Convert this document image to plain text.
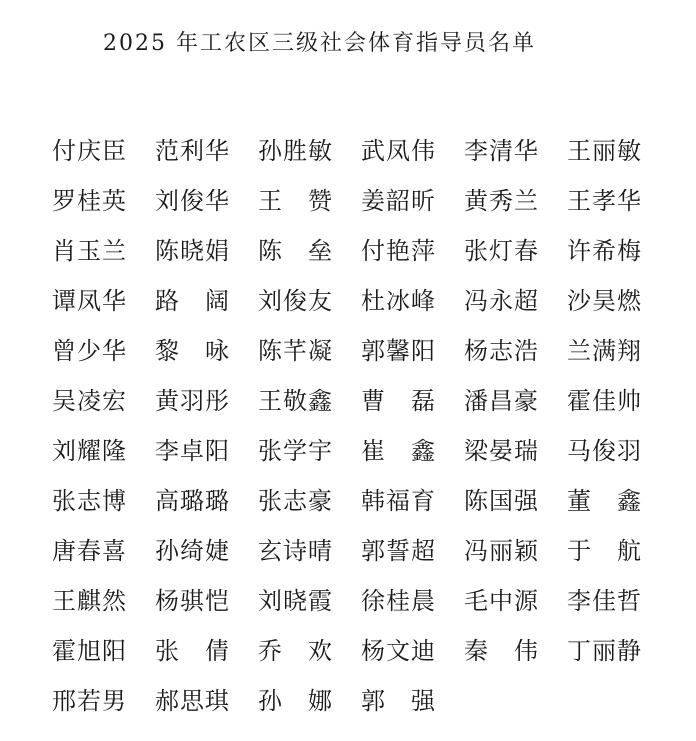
2025 年工农区三级社会体育指导员名单
付 庆 臣 范 利 华 孙 胜 敏 武 凤 伟 李 清 华 王 丽 敏
罗 桂 英 刘 俊 华 王 赞 姜 韶 昕 黄 秀 兰 王 孝 华
肖 玉 兰 陈 晓 娟 陈 垒 付 艳 萍 张 灯 春 许 希 梅
谭 凤 华 路 阔 刘 俊 友 杜 冰 峰 冯 永 超 沙 昊 燃
曾 少 华 黎 咏 陈 芊 凝 郭 馨 阳 杨 志 浩 兰 满 翔
吴 凌 宏 黄 羽 彤 王 敬 鑫 曹 磊 潘 昌 豪 霍 佳 帅
刘 耀 隆 李 卓 阳 张 学 宇 崔 鑫 梁 晏 瑞 马 俊 羽
张 志 博 高 璐 璐 张 志 豪 韩 福 育 陈 国 强 董 鑫
唐 春 喜 孙 绮 婕 玄 诗 晴 郭 誓 超 冯 丽 颖 于 航
王 麒 然 杨 骐 恺 刘 晓 霞 徐 桂 晨 毛 中 源 李 佳 哲
霍 旭 阳 张 倩 乔 欢 杨 文 迪 秦 伟 丁 丽 静
邢 若 男 郝 思 琪 孙 娜 郭 强
